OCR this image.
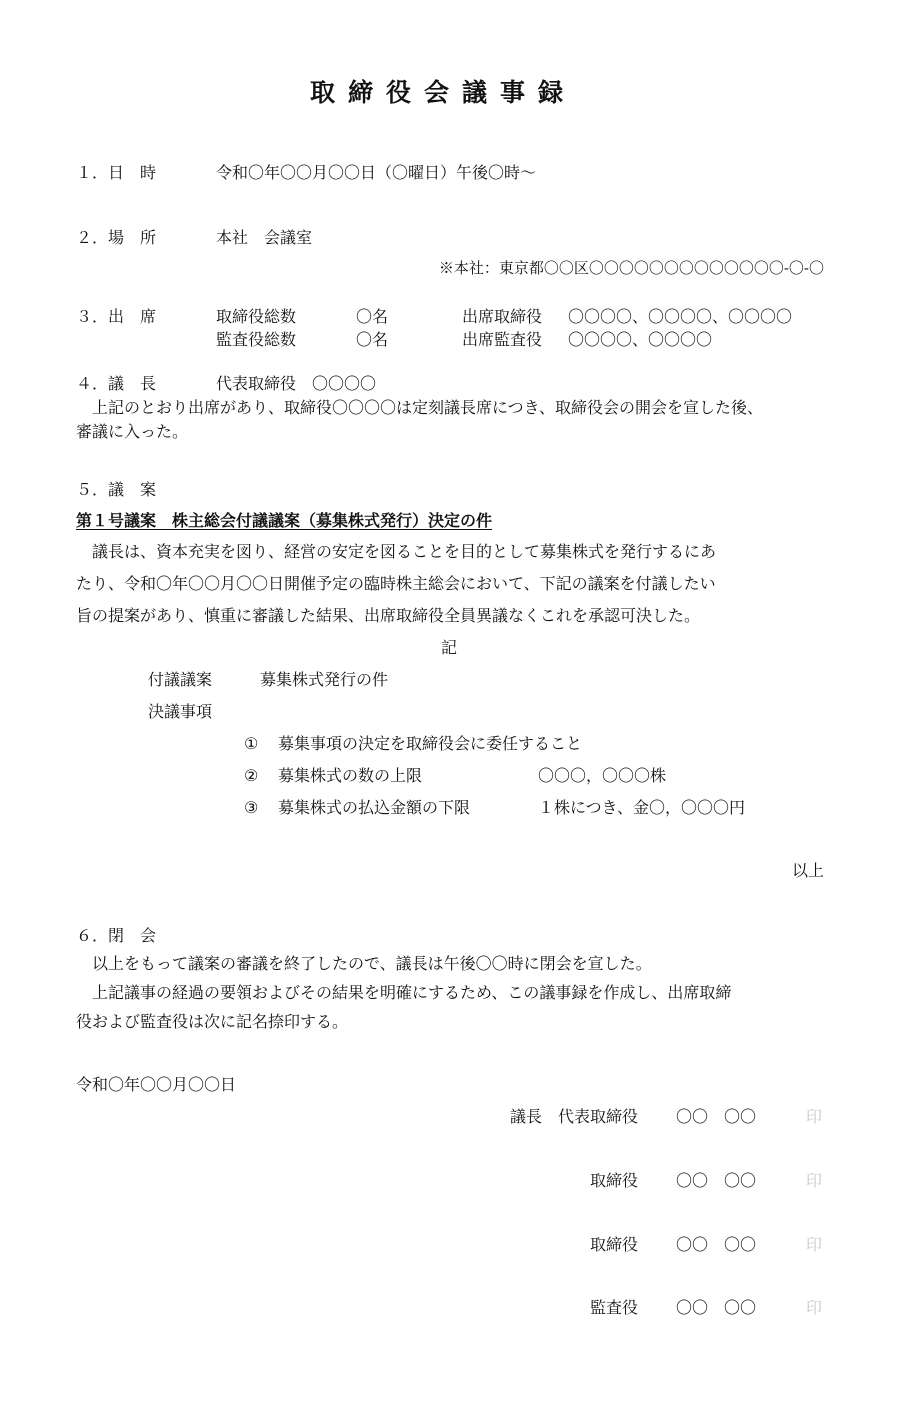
取締役会議事録
１．日　時	令和〇年〇〇月〇〇日（〇曜日）午後〇時～
２．場　所	本社　会議室
※本社：東京都〇〇区〇〇〇〇〇〇〇〇〇〇〇〇〇-〇-〇
３．出　席	取締役総数	〇名	出席取締役 〇〇〇〇、〇〇〇〇、〇〇〇〇
監査役総数	〇名	出席監査役 〇〇〇〇、〇〇〇〇
４．議　長	代表取締役　〇〇〇〇
上記のとおり出席があり、取締役〇〇〇〇は定刻議長席につき、取締役会の開会を宣した後、
審議に入った。
５．議　案
第１号議案　株主総会付議議案（募集株式発行）決定の件
議長は、資本充実を図り、経営の安定を図ることを目的として募集株式を発行するにあ
たり、令和〇年〇〇月〇〇日開催予定の臨時株主総会において、下記の議案を付議したい
旨の提案があり、慎重に審議した結果、出席取締役全員異議なくこれを承認可決した。
記
付議議案	募集株式発行の件
決議事項
① 募集事項の決定を取締役会に委任すること
② 募集株式の数の上限	〇〇〇，〇〇〇株
③ 募集株式の払込金額の下限	１株につき、金〇，〇〇〇円
以上
６．閉　会
以上をもって議案の審議を終了したので、議長は午後〇〇時に閉会を宣した。
上記議事の経過の要領およびその結果を明確にするため、この議事録を作成し、出席取締
役および監査役は次に記名捺印する。
令和〇年〇〇月〇〇日
議長　代表取締役 〇〇　〇〇	印
取締役 〇〇　〇〇	印
取締役 〇〇　〇〇	印
監査役 〇〇　〇〇	印
